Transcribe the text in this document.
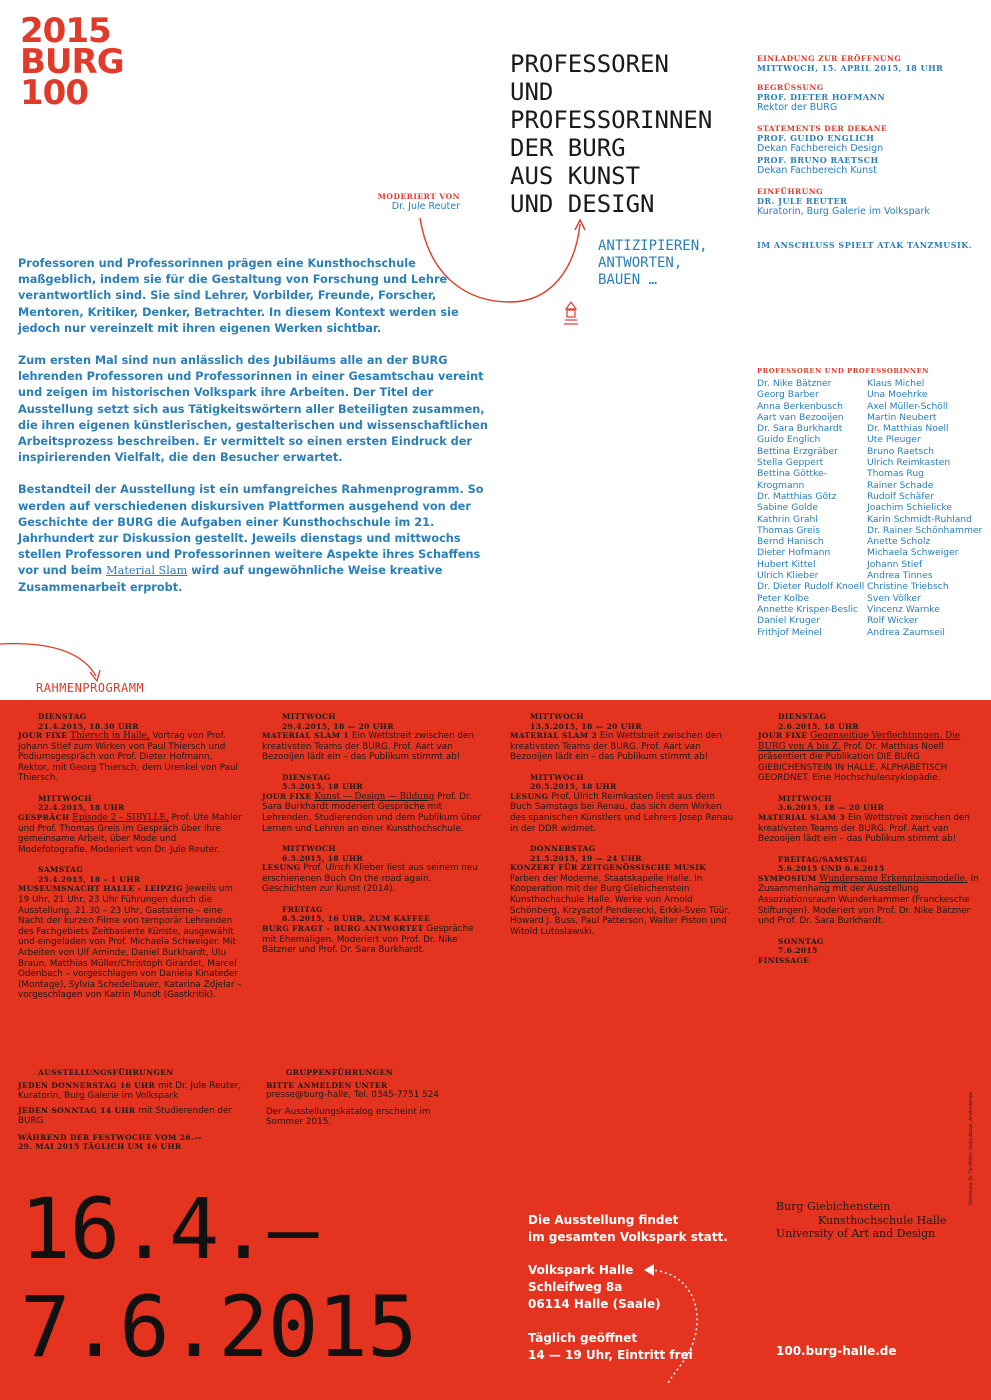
2015
BURG
100
PROFESSOREN
UND
PROFESSORINNEN
DER BURG
AUS KUNST
UND DESIGN
ANTIZIPIEREN,
ANTWORTEN,
BAUEN …
MODERIERT VON
Dr. Jule Reuter
EINLADUNG ZUR ERÖFFNUNG
MITTWOCH, 15. APRIL 2015, 18 UHR
BEGRÜSSUNG
PROF. DIETER HOFMANN
Rektor der BURG
STATEMENTS DER DEKANE
PROF. GUIDO ENGLICH
Dekan Fachbereich Design
PROF. BRUNO RAETSCH
Dekan Fachbereich Kunst
EINFÜHRUNG
DR. JULE REUTER
Kuratorin, Burg Galerie im Volkspark
IM ANSCHLUSS SPIELT ATAK TANZMUSIK.

Professoren und Professorinnen prägen eine Kunsthochschule maßgeblich, indem sie für die Gestaltung von Forschung und Lehre verantwortlich sind. Sie sind Lehrer, Vorbilder, Freunde, Forscher, Mentoren, Kritiker, Denker, Betrachter. In diesem Kontext werden sie jedoch nur vereinzelt mit ihren eigenen Werken sichtbar.

Zum ersten Mal sind nun anlässlich des Jubiläums alle an der BURG lehrenden Professoren und Professorinnen in einer Gesamtschau vereint und zeigen im historischen Volkspark ihre Arbeiten. Der Titel der Ausstellung setzt sich aus Tätigkeitswörtern aller Beteiligten zusammen, die ihren eigenen künstlerischen, gestalterischen und wissenschaftlichen Arbeitsprozess beschreiben. Er vermittelt so einen ersten Eindruck der inspirierenden Vielfalt, die den Besucher erwartet.

Bestandteil der Ausstellung ist ein umfangreiches Rahmenprogramm. So werden auf verschiedenen diskursiven Plattformen ausgehend von der Geschichte der BURG die Aufgaben einer Kunsthochschule im 21. Jahrhundert zur Diskussion gestellt. Jeweils dienstags und mittwochs stellen Professoren und Professorinnen weitere Aspekte ihres Schaffens vor und beim Material Slam wird auf ungewöhnliche Weise kreative Zusammenarbeit erprobt.

PROFESSOREN UND PROFESSORINNEN
Dr. Nike Bätzner
Georg Barber
Anna Berkenbusch
Aart van Bezooijen
Dr. Sara Burkhardt
Guido Englich
Bettina Erzgräber
Stella Geppert
Bettina Göttke-
Krogmann
Dr. Matthias Götz
Sabine Golde
Kathrin Grahl
Thomas Greis
Bernd Hanisch
Dieter Hofmann
Hubert Kittel
Ulrich Klieber
Dr. Dieter Rudolf Knoell
Peter Kolbe
Annette Krisper-Beslic
Daniel Kruger
Frithjof Meinel
Klaus Michel
Una Moehrke
Axel Müller-Schöll
Martin Neubert
Dr. Matthias Noell
Ute Pleuger
Bruno Raetsch
Ulrich Reimkasten
Thomas Rug
Rainer Schade
Rudolf Schäfer
Joachim Schielicke
Karin Schmidt-Ruhland
Dr. Rainer Schönhammer
Anette Scholz
Michaela Schweiger
Johann Stief
Andrea Tinnes
Christine Triebsch
Sven Völker
Vincenz Warnke
Rolf Wicker
Andrea Zaumseil
RAHMENPROGRAMM
DIENSTAG
21.4.2015, 18.30 UHR
JOUR FIXE Thiersch in Halle, Vortrag von Prof. Johann Stief zum Wirken von Paul Thiersch und Podiumsgespräch von Prof. Dieter Hofmann, Rektor, mit Georg Thiersch, dem Urenkel von Paul Thiersch.
MITTWOCH
22.4.2015, 18 UHR
GESPRÄCH Episode 2 – SIBYLLE, Prof. Ute Mahler und Prof. Thomas Greis im Gespräch über ihre gemeinsame Arbeit, über Mode und Modefotografie. Moderiert von Dr. Jule Reuter.
SAMSTAG
25.4.2015, 18 – 1 UHR
MUSEUMSNACHT HALLE – LEIPZIG Jeweils um 19 Uhr, 21 Uhr, 23 Uhr Führungen durch die Ausstellung. 21.30 – 23 Uhr, Gaststerne – eine Nacht der kurzen Filme von temporär Lehrenden des Fachgebiets Zeitbasierte Künste, ausgewählt und eingeladen von Prof. Michaela Schweiger. Mit Arbeiten von Ulf Aminde, Daniel Burkhardt, Ulu Braun, Matthias Müller/Christoph Girardet, Marcel Odenbach – vorgeschlagen von Daniela Kinateder (Montage), Sylvia Schedelbauer, Katarina Zdjelar – vorgeschlagen von Katrin Mundt (Gastkritik).
MITTWOCH
29.4.2015, 18 — 20 UHR
MATERIAL SLAM 1 Ein Wettstreit zwischen den kreativsten Teams der BURG. Prof. Aart van Bezooijen lädt ein – das Publikum stimmt ab!
DIENSTAG
5.5.2015, 18 UHR
JOUR FIXE Kunst — Design — Bildung Prof. Dr. Sara Burkhardt moderiert Gespräche mit Lehrenden, Studierenden und dem Publikum über Lernen und Lehren an einer Kunsthochschule.
MITTWOCH
6.5.2015, 18 UHR
LESUNG Prof. Ulrich Klieber liest aus seinem neu erschienenen Buch On the road again. Geschichten zur Kunst (2014).
FREITAG
8.5.2015, 16 UHR, ZUM KAFFEE
BURG FRAGT – BURG ANTWORTET Gespräche mit Ehemaligen. Moderiert von Prof. Dr. Nike Bätzner und Prof. Dr. Sara Burkhardt.
MITTWOCH
13.5.2015, 18 — 20 UHR
MATERIAL SLAM 2 Ein Wettstreit zwischen den kreativsten Teams der BURG. Prof. Aart van Bezooijen lädt ein – das Publikum stimmt ab!
MITTWOCH
20.5.2015, 18 UHR
LESUNG Prof. Ulrich Reimkasten liest aus dem Buch Samstags bei Renau, das sich dem Wirken des spanischen Künstlers und Lehrers Josep Renau in der DDR widmet.
DONNERSTAG
21.5.2015, 19 — 24 UHR
KONZERT FÜR ZEITGENÖSSISCHE MUSIK Farben der Moderne, Staatskapelle Halle. In Kooperation mit der Burg Giebichenstein Kunsthochschule Halle. Werke von Arnold Schönberg, Krzysztof Penderecki, Erkki-Sven Tüür, Howard J. Buss, Paul Patterson, Walter Piston und Witold Lutosławski.
DIENSTAG
2.6.2015, 18 UHR
JOUR FIXE Gegenseitige Verflechtungen. Die BURG von A bis Z. Prof. Dr. Matthias Noell präsentiert die Publikation DIE BURG GIEBICHENSTEIN IN HALLE, ALPHABETISCH GEORDNET. Eine Hochschulenzyklopädie.
MITTWOCH
3.6.2015, 18 — 20 UHR
MATERIAL SLAM 3 Ein Wettstreit zwischen den kreativsten Teams der BURG. Prof. Aart van Bezooijen lädt ein – das Publikum stimmt ab!
FREITAG/SAMSTAG
5.6.2015 UND 6.6.2015
SYMPOSIUM Wundersame Erkenntnismodelle. In Zusammenhang mit der Ausstellung Assoziationsraum Wunderkammer (Franckesche Stiftungen). Moderiert von Prof. Dr. Nike Bätzner und Prof. Dr. Sara Burkhardt.
SONNTAG
7.6.2015
FINISSAGE
AUSSTELLUNGSFÜHRUNGEN
JEDEN DONNERSTAG 16 UHR mit Dr. Jule Reuter, Kuratorin, Burg Galerie im Volkspark
JEDEN SONNTAG 14 UHR mit Studierenden der BURG
WÄHREND DER FESTWOCHE VOM 26.—29. MAI 2015 TÄGLICH UM 16 UHR
GRUPPENFÜHRUNGEN
BITTE ANMELDEN UNTER
presse@burg-halle, Tel. 0345-7751 524
Der Ausstellungskatalog erscheint im Sommer 2015.
16.4.—
7.6.2015
Die Ausstellung findet
im gesamten Volkspark statt.
Volkspark Halle
Schleifweg 8a
06114 Halle (Saale)
Täglich geöffnet
14 — 19 Uhr, Eintritt frei
Burg Giebichenstein
Kunsthochschule Halle
University of Art and Design
100.burg-halle.de
Gestaltung: Dr. Tim Müller, Georg Barber, Annika Kempe
